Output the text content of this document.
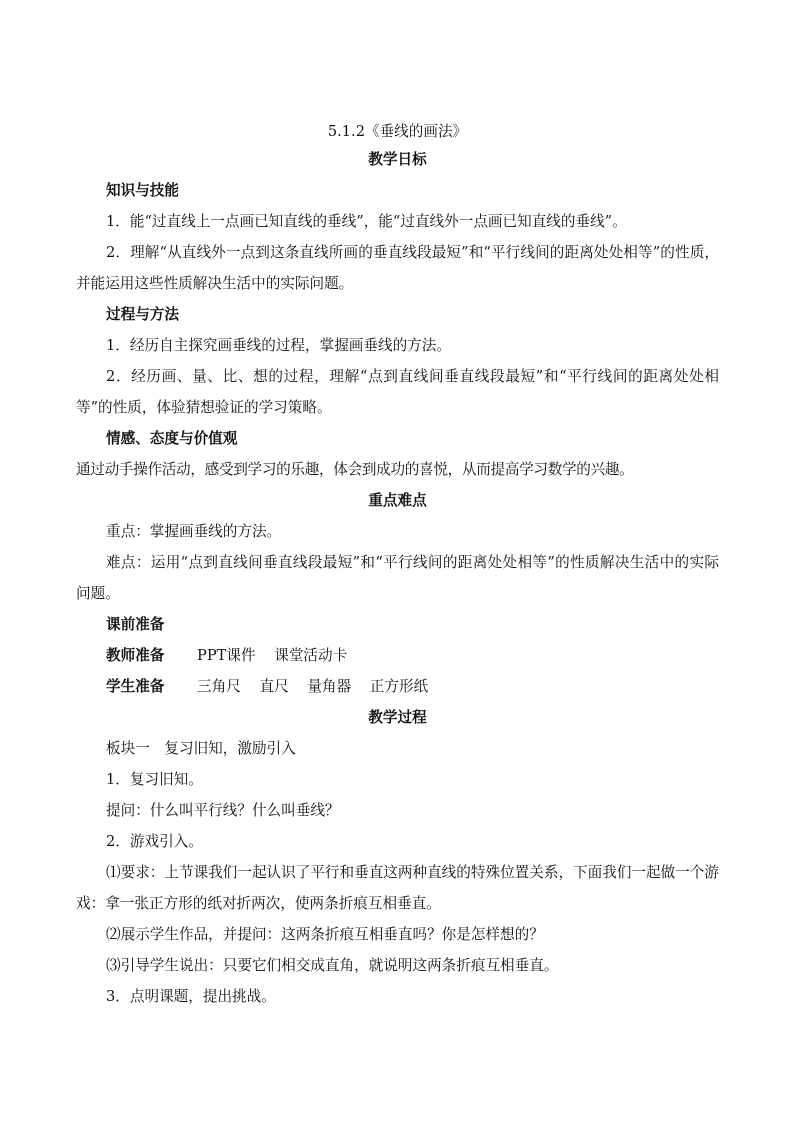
5.1.2《垂线的画法》
教学日标
知识与技能
1．能“过直线上一点画已知直线的垂线”，能“过直线外一点画已知直线的垂线”。
2．理解“从直线外一点到这条直线所画的垂直线段最短”和“平行线间的距离处处相等”的性质，并能运用这些性质解决生活中的实际问题。
过程与方法
1．经历自主探究画垂线的过程，掌握画垂线的方法。
2．经历画、量、比、想的过程，理解“点到直线间垂直线段最短”和“平行线间的距离处处相等”的性质，体验猜想验证的学习策略。
情感、态度与价值观
通过动手操作活动，感受到学习的乐趣，体会到成功的喜悦，从而提高学习数学的兴趣。
重点难点
重点：掌握画垂线的方法。
难点：运用“点到直线间垂直线段最短”和“平行线间的距离处处相等”的性质解决生活中的实际问题。
课前准备
教师准备 PPT课件 课堂活动卡
学生准备 三角尺 直尺 量角器 正方形纸
教学过程
板块一　复习旧知，激励引入
1．复习旧知。
提问：什么叫平行线？什么叫垂线？
2．游戏引入。
⑴要求：上节课我们一起认识了平行和垂直这两种直线的特殊位置关系，下面我们一起做一个游戏：拿一张正方形的纸对折两次，使两条折痕互相垂直。
⑵展示学生作品，并提问：这两条折痕互相垂直吗？你是怎样想的？
⑶引导学生说出：只要它们相交成直角，就说明这两条折痕互相垂直。
3．点明课题，提出挑战。
